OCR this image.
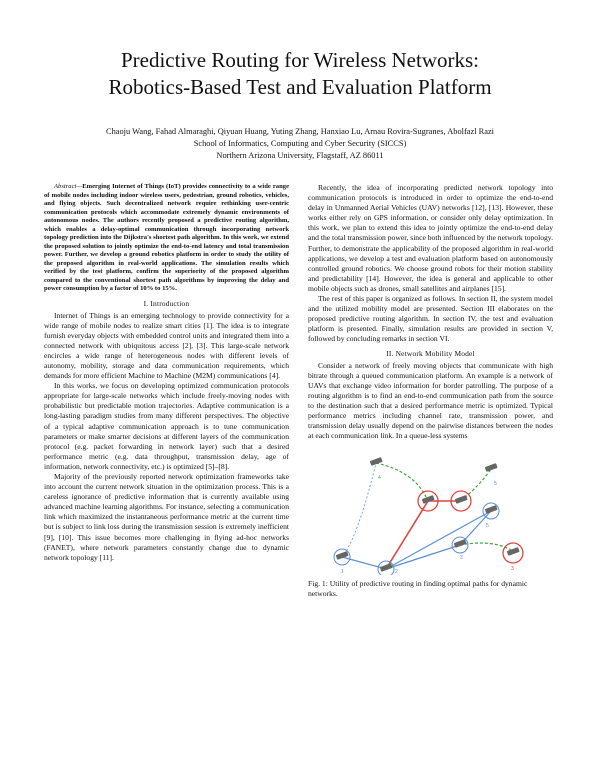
Predictive Routing for Wireless Networks:
Robotics-Based Test and Evaluation Platform
Chaoju Wang, Fahad Almaraghi, Qiyuan Huang, Yuting Zhang, Hanxiao Lu, Arnau Rovira-Sugranes, Abolfazl Razi
School of Informatics, Computing and Cyber Security (SICCS)
Northern Arizona University, Flagstaff, AZ 86011

Abstract—Emerging Internet of Things (IoT) provides connectivity to a wide range of mobile nodes including indoor wireless users, pedestrian, ground robotics, vehicles, and flying objects. Such decentralized network require rethinking user-centric communication protocols which accommodate extremely dynamic environments of autonomous nodes. The authors recently proposed a predictive routing algorithm, which enables a delay-optimal communication through incorporating network topology prediction into the Dijkstra's shortest path algorithm. In this work, we extend the proposed solution to jointly optimize the end-to-end latency and total transmission power. Further, we develop a ground robotics platform in order to study the utility of the proposed algorithm in real-world applications. The simulation results which verified by the test platform, confirm the superiority of the proposed algorithm compared to the conventional shortest path algorithms by improving the delay and power consumption by a factor of 10% to 15%.

I. Introduction

Internet of Things is an emerging technology to provide connectivity for a wide range of mobile nodes to realize smart cities [1]. The idea is to integrate furnish everyday objects with embedded control units and integrated them into a connected network with ubiquitous access [2], [3]. This large-scale network encircles a wide range of heterogeneous nodes with different levels of autonomy, mobility, storage and data communication requirements, which demands for more efficient Machine to Machine (M2M) communications [4].

In this works, we focus on developing optimized communication protocols appropriate for large-scale networks which include freely-moving nodes with probabilistic but predictable motion trajectories. Adaptive communication is a long-lasting paradigm studies from many different perspectives. The objective of a typical adaptive communication approach is to tune communication parameters or make smarter decisions at different layers of the communication protocol (e.g. packet forwarding in network layer) such that a desired performance metric (e.g. data throughput, transmission delay, age of information, network connectivity, etc.) is optimized [5]–[8].

Majority of the previously reported network optimization frameworks take into account the current network situation in the optimization process. This is a careless ignorance of predictive information that is currently available using advanced machine learning algorithms. For instance, selecting a communication link which maximized the instantaneous performance metric at the current time but is subject to link loss during the transmission session is extremely inefficient [9], [10]. This issue becomes more challenging in flying ad-hoc networks (FANET), where network parameters constantly change due to dynamic network topology [11].

Recently, the idea of incorporating predicted network topology into communication protocols is introduced in order to optimize the end-to-end delay in Unmanned Aerial Vehicles (UAV) networks [12], [13]. However, these works either rely on GPS information, or consider only delay optimization. In this work, we plan to extend this idea to jointly optimize the end-to-end delay and the total transmission power, since both influenced by the network topology. Further, to demonstrate the applicability of the proposed algorithm in real-world applications, we develop a test and evaluation platform based on autonomously controlled ground robotics. We choose ground robots for their motion stability and predictability [14]. However, the idea is general and applicable to other mobile objects such as drones, small satellites and airplanes [15].

The rest of this paper is organized as follows. In section II, the system model and the utilized mobility model are presented. Section III elaborates on the proposed predictive routing algorithm. In section IV, the test and evaluation platform is presented. Finally, simulation results are provided in section V, followed by concluding remarks in section VI.

II. Network Mobility Model

Consider a network of freely moving objects that communicate with high bitrate through a queued communication platform. An example is a network of UAVs that exchange video information for border patrolling. The purpose of a routing algorithm is to find an end-to-end communication path from the source to the destination such that a desired performance metric is optimized. Typical performance metrics including channel rate, transmission power, and transmission delay usually depend on the pairwise distances between the nodes at each communication link. In a queue-less systems

1	2
3
4
5
5
3
Fig. 1: Utility of predictive routing in finding optimal paths for dynamic networks.
